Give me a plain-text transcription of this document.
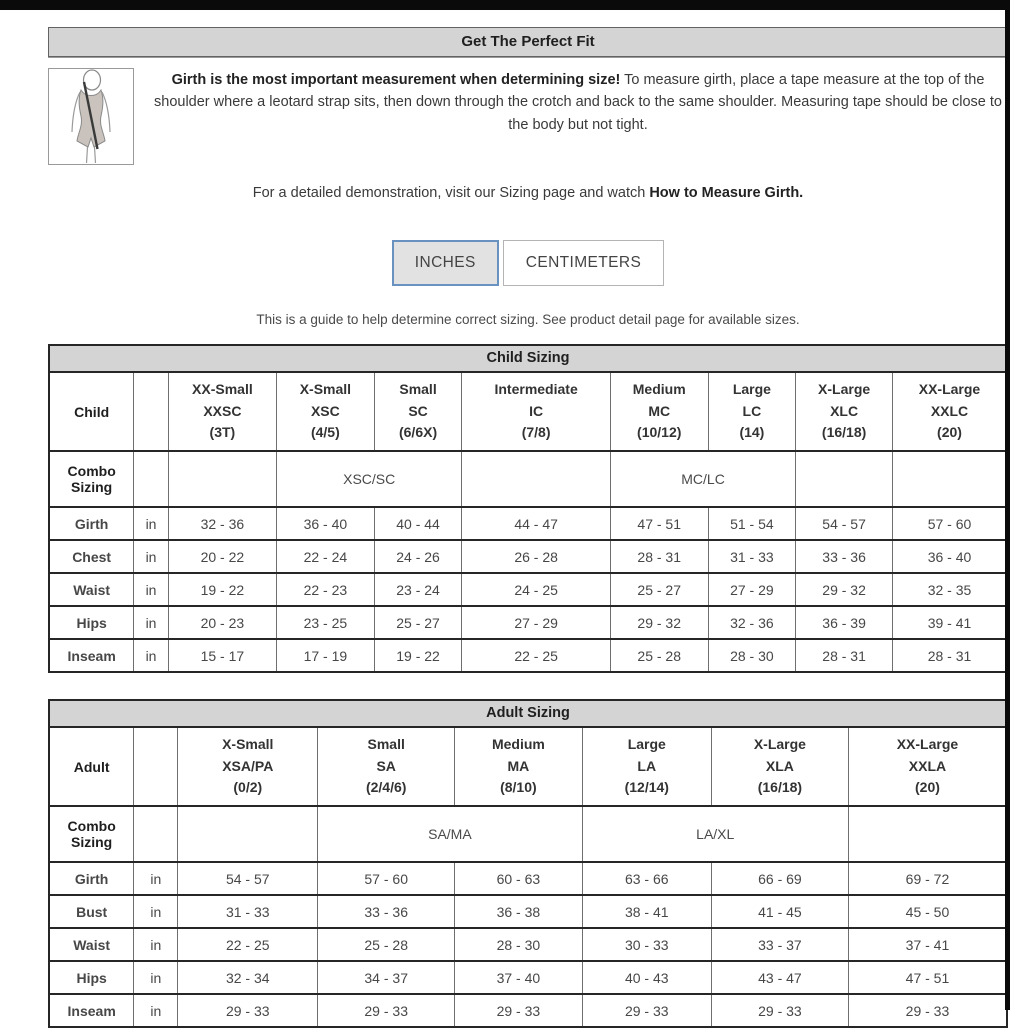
Get The Perfect Fit
Girth is the most important measurement when determining size! To measure girth, place a tape measure at the top of the shoulder where a leotard strap sits, then down through the crotch and back to the same shoulder. Measuring tape should be close to the body but not tight.
For a detailed demonstration, visit our Sizing page and watch How to Measure Girth.
INCHES	CENTIMETERS
This is a guide to help determine correct sizing. See product detail page for available sizes.
Child Sizing									
Child		XX-Small
XXSC
(3T)	X-Small
XSC
(4/5)	Small
SC
(6/6X)	Intermediate
IC
(7/8)	Medium
MC
(10/12)	Large
LC
(14)	X-Large
XLC
(16/18)	XX-Large
XXLC
(20)
Combo Sizing			XSC/SC			MC/LC			
Girth	in	32 - 36	36 - 40	40 - 44	44 - 47	47 - 51	51 - 54	54 - 57	57 - 60
Chest	in	20 - 22	22 - 24	24 - 26	26 - 28	28 - 31	31 - 33	33 - 36	36 - 40
Waist	in	19 - 22	22 - 23	23 - 24	24 - 25	25 - 27	27 - 29	29 - 32	32 - 35
Hips	in	20 - 23	23 - 25	25 - 27	27 - 29	29 - 32	32 - 36	36 - 39	39 - 41
Inseam	in	15 - 17	17 - 19	19 - 22	22 - 25	25 - 28	28 - 30	28 - 31	28 - 31
Adult Sizing							
Adult		X-Small
XSA/PA
(0/2)	Small
SA
(2/4/6)	Medium
MA
(8/10)	Large
LA
(12/14)	X-Large
XLA
(16/18)	XX-Large
XXLA
(20)
Combo Sizing			SA/MA		LA/XL		
Girth	in	54 - 57	57 - 60	60 - 63	63 - 66	66 - 69	69 - 72
Bust	in	31 - 33	33 - 36	36 - 38	38 - 41	41 - 45	45 - 50
Waist	in	22 - 25	25 - 28	28 - 30	30 - 33	33 - 37	37 - 41
Hips	in	32 - 34	34 - 37	37 - 40	40 - 43	43 - 47	47 - 51
Inseam	in	29 - 33	29 - 33	29 - 33	29 - 33	29 - 33	29 - 33
